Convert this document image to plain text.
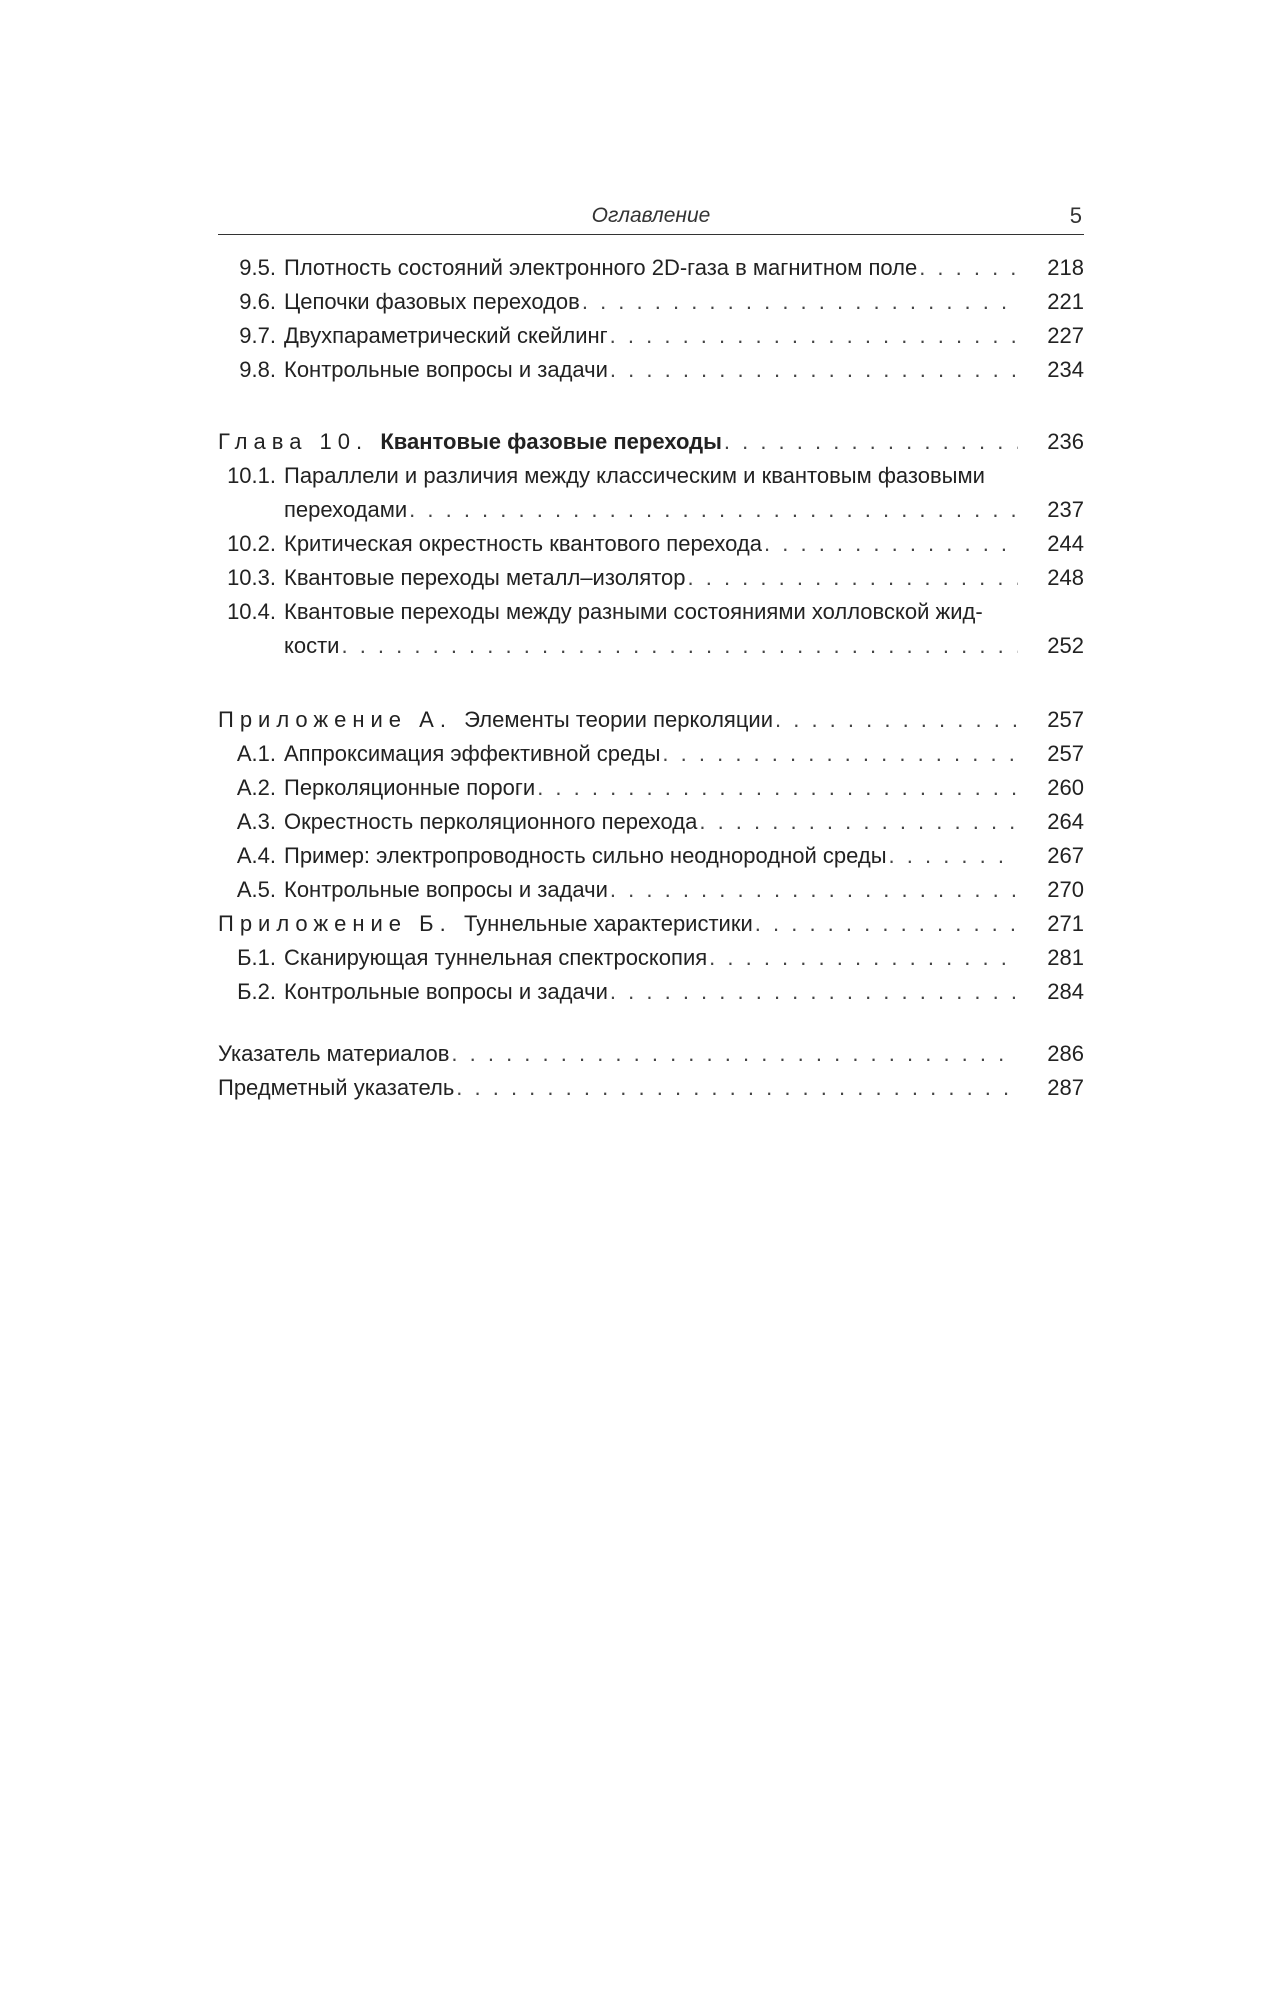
Оглавление	5
9.5. Плотность состояний электронного 2D-газа в магнитном поле . . .	218
9.6. Цепочки фазовых переходов . . .	221
9.7. Двухпараметрический скейлинг . . .	227
9.8. Контрольные вопросы и задачи . . .	234
Глава 10. Квантовые фазовые переходы . . .	236
10.1. Параллели и различия между классическим и квантовым фазовыми
переходами . . .	237
10.2. Критическая окрестность квантового перехода . . .	244
10.3. Квантовые переходы металл–изолятор . . .	248
10.4. Квантовые переходы между разными состояниями холловской жид-
кости . . .	252
Приложение А. Элементы теории перколяции . . .	257
А.1. Аппроксимация эффективной среды . . .	257
А.2. Перколяционные пороги . . .	260
А.3. Окрестность перколяционного перехода . . .	264
А.4. Пример: электропроводность сильно неоднородной среды . . .	267
А.5. Контрольные вопросы и задачи . . .	270
Приложение Б. Туннельные характеристики . . .	271
Б.1. Сканирующая туннельная спектроскопия . . .	281
Б.2. Контрольные вопросы и задачи . . .	284
Указатель материалов . . .	286
Предметный указатель . . .	287
